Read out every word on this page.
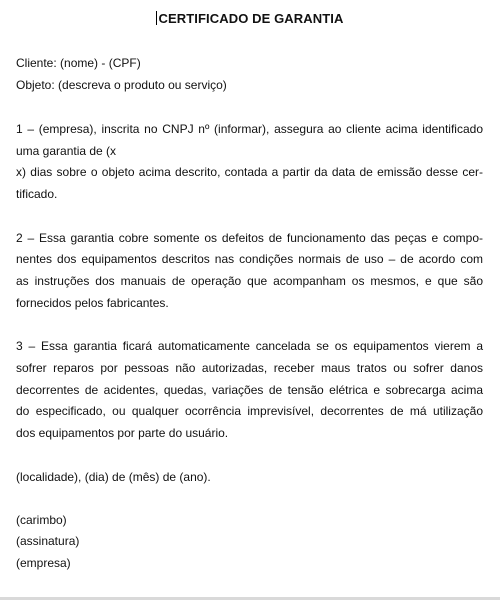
CERTIFICADO DE GARANTIA
Cliente: (nome) - (CPF)
Objeto: (descreva o produto ou serviço)
1 – (empresa), inscrita no CNPJ nº (informar), assegura ao cliente acima identificado
uma garantia de (x
x) dias sobre o objeto acima descrito, contada a partir da data de emissão desse cer-
tificado.
2 – Essa garantia cobre somente os defeitos de funcionamento das peças e compo-
nentes dos equipamentos descritos nas condições normais de uso – de acordo com
as instruções dos manuais de operação que acompanham os mesmos, e que são
fornecidos pelos fabricantes.
3 – Essa garantia ficará automaticamente cancelada se os equipamentos vierem a
sofrer reparos por pessoas não autorizadas, receber maus tratos ou sofrer danos
decorrentes de acidentes, quedas, variações de tensão elétrica e sobrecarga acima
do especificado, ou qualquer ocorrência imprevisível, decorrentes de má utilização
dos equipamentos por parte do usuário.
(localidade), (dia) de (mês) de (ano).
(carimbo)
(assinatura)
(empresa)
